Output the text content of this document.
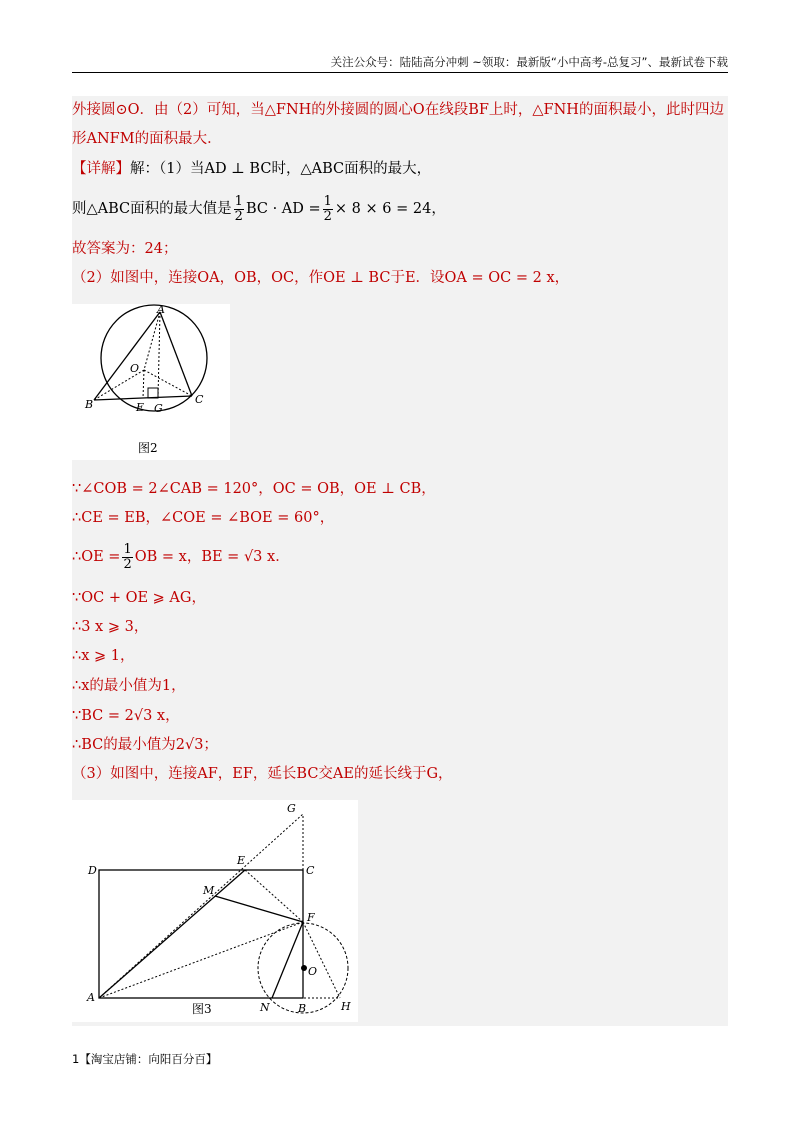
关注公众号：陆陆高分冲刺 ~领取：最新版“小中高考-总复习”、最新试卷下载
外接圆⊙O．由（2）可知，当△FNH的外接圆的圆心O在线段BF上时，△FNH的面积最小，此时四边
形ANFM的面积最大．
【详解】解：（1）当AD ⊥ BC时，△ABC面积的最大，
则△ABC面积的最大值是 $\frac{1}{2}$ BC · AD = $\frac{1}{2} \times 8 \times 6 = 24$，
故答案为：24；
（2）如图中，连接OA，OB，OC，作OE ⊥ BC于E．设OA = OC = 2 x，
A
B	C
O
E G
图2
∵∠COB = 2∠CAB = 120°，OC = OB，OE ⊥ CB，
∴CE = EB，∠COE = ∠BOE = 60°，
∴OE = $\frac{1}{2}$ OB = x，BE = √3 x．
∵OC + OE ⩾ AG，
∴3 x ⩾ 3，
∴x ⩾ 1，
∴x的最小值为1，
∵BC = 2√3 x，
∴BC的最小值为2√3；
（3）如图中，连接AF，EF，延长BC交AE的延长线于G，
G
D
E
C
M
F
O
A
N	B	H
图3
1【淘宝店铺：向阳百分百】
